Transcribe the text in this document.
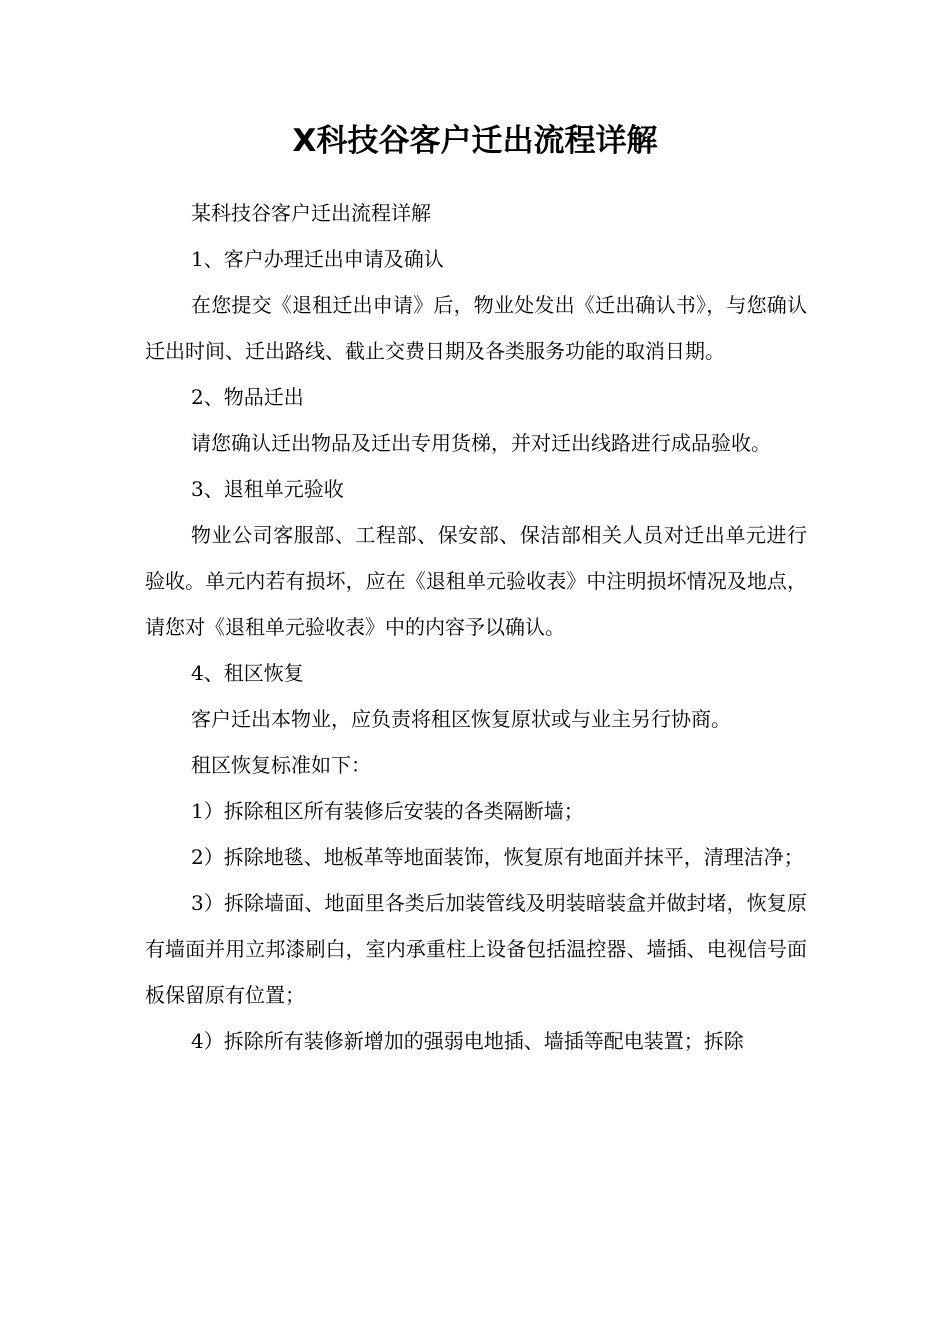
X科技谷客户迁出流程详解

某科技谷客户迁出流程详解

1、客户办理迁出申请及确认

在您提交《退租迁出申请》后，物业处发出《迁出确认书》，与您确认迁出时间、迁出路线、截止交费日期及各类服务功能的取消日期。

2、物品迁出

请您确认迁出物品及迁出专用货梯，并对迁出线路进行成品验收。

3、退租单元验收

物业公司客服部、工程部、保安部、保洁部相关人员对迁出单元进行验收。单元内若有损坏，应在《退租单元验收表》中注明损坏情况及地点，请您对《退租单元验收表》中的内容予以确认。

4、租区恢复

客户迁出本物业，应负责将租区恢复原状或与业主另行协商。

租区恢复标准如下：

1）拆除租区所有装修后安装的各类隔断墙；

2）拆除地毯、地板革等地面装饰，恢复原有地面并抹平，清理洁净；

3）拆除墙面、地面里各类后加装管线及明装暗装盒并做封堵，恢复原有墙面并用立邦漆刷白，室内承重柱上设备包括温控器、墙插、电视信号面板保留原有位置；

4）拆除所有装修新增加的强弱电地插、墙插等配电装置；拆除
